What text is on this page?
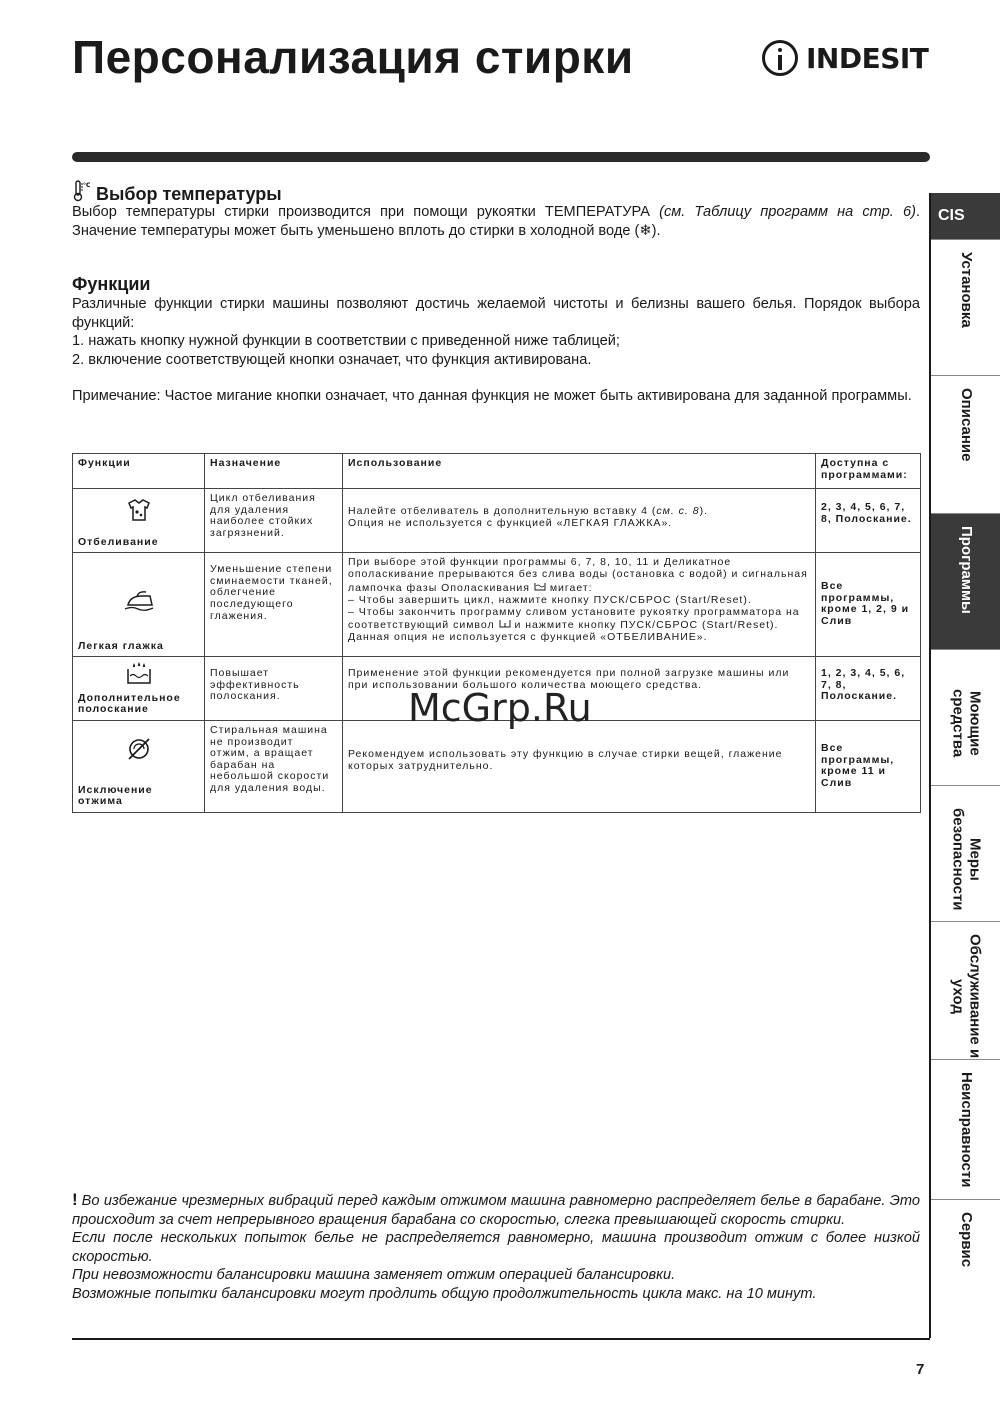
Персонализация стирки	INDESIT
°C Выбор температуры

Выбор температуры стирки производится при помощи рукоятки ТЕМПЕРАТУРА (см. Таблицу программ на стр. 6). Значение температуры может быть уменьшено вплоть до стирки в холодной воде (❄).

Функции

Различные функции стирки машины позволяют достичь желаемой чистоты и белизны вашего белья. Порядок выбора функций:

1. нажать кнопку нужной функции в соответствии с приведенной ниже таблицей;

2. включение соответствующей кнопки означает, что функция активирована.

Примечание: Частое мигание кнопки означает, что данная функция не может быть активирована для заданной программы.

Функции	Назначение	Использование	Доступна с программами:

Отбеливание	Цикл отбеливания для удаления наиболее стойких загрязнений.	Налейте отбеливатель в дополнительную вставку 4 (см. с. 8).
Опция не используется с функцией «ЛЕГКАЯ ГЛАЖКА».	2, 3, 4, 5, 6, 7, 8, Полоскание.

Легкая глажка	Уменьшение степени сминаемости тканей, облегчение последующего глажения.	При выборе этой функции программы 6, 7, 8, 10, 11 и Деликатное ополаскивание прерываются без слива воды (остановка с водой) и сигнальная лампочка фазы Ополаскивания мигает:
– Чтобы завершить цикл, нажмите кнопку ПУСК/СБРОС (Start/Reset).
– Чтобы закончить программу сливом установите рукоятку программатора на соответствующий символ и нажмите кнопку ПУСК/СБРОС (Start/Reset).
Данная опция не используется с функцией «ОТБЕЛИВАНИЕ».	Все программы, кроме 1, 2, 9 и Слив

Дополнительное полоскание	Повышает эффективность полоскания.	Применение этой функции рекомендуется при полной загрузке машины или при использовании большого количества моющего средства.	1, 2, 3, 4, 5, 6, 7, 8, Полоскание.

Исключение отжима	Стиральная машина не производит отжим, а вращает барабан на небольшой скорости для удаления воды.	Рекомендуем использовать эту функцию в случае стирки вещей, глажение которых затруднительно.	Все программы, кроме 11 и Слив
McGrp.Ru

! Во избежание чрезмерных вибраций перед каждым отжимом машина равномерно распределяет белье в барабане. Это происходит за счет непрерывного вращения барабана со скоростью, слегка превышающей скорость стирки.

Если после нескольких попыток белье не распределяется равномерно, машина производит отжим с более низкой скоростью.

При невозможности балансировки машина заменяет отжим операцией балансировки.

Возможные попытки балансировки могут продлить общую продолжительность цикла макс. на 10 минут.

7
CIS
Установка
Описание
Программы
Моющие средства
Меры безопасности
Обслуживание и уход
Неисправности
Сервис
